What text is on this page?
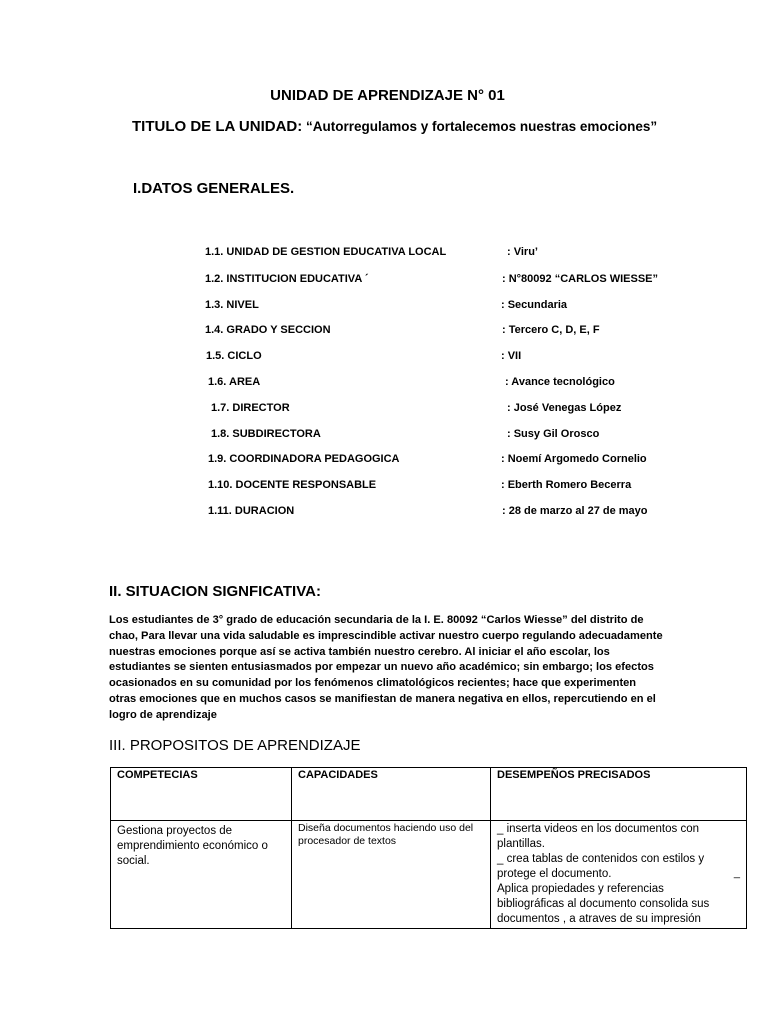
UNIDAD DE APRENDIZAJE N° 01
TITULO DE LA UNIDAD: “Autorregulamos y fortalecemos nuestras emociones”
I.DATOS GENERALES.
1.1. UNIDAD DE GESTION EDUCATIVA LOCAL	: Viru’
1.2. INSTITUCION EDUCATIVA ´	: N°80092 “CARLOS WIESSE”
1.3. NIVEL	: Secundaria
1.4. GRADO Y SECCION	: Tercero C, D, E, F
1.5. CICLO	: VII
1.6. AREA	: Avance tecnológico
1.7. DIRECTOR	: José Venegas López
1.8. SUBDIRECTORA	: Susy Gil Orosco
1.9. COORDINADORA PEDAGOGICA	: Noemí Argomedo Cornelio
1.10. DOCENTE RESPONSABLE	: Eberth Romero Becerra
1.11. DURACION	: 28 de marzo al 27 de mayo
II. SITUACION SIGNFICATIVA:
Los estudiantes de 3° grado de educación secundaria de la I. E. 80092 “Carlos Wiesse” del distrito de chao, Para llevar una vida saludable es imprescindible activar nuestro cuerpo regulando adecuadamente nuestras emociones porque así se activa también nuestro cerebro. Al iniciar el año escolar, los estudiantes se sienten entusiasmados por empezar un nuevo año académico; sin embargo; los efectos ocasionados en su comunidad por los fenómenos climatológicos recientes; hace que experimenten otras emociones que en muchos casos se manifiestan de manera negativa en ellos, repercutiendo en el logro de aprendizaje
III. PROPOSITOS DE APRENDIZAJE
COMPETECIAS	CAPACIDADES	DESEMPEÑOS PRECISADOS

Gestiona proyectos de emprendimiento económico o social.	Diseña documentos haciendo uso del procesador de textos	_ inserta videos en los documentos con plantillas.
_ crea tablas de contenidos con estilos y protege el documento.
Aplica propiedades y referencias bibliográficas al documento consolida sus documentos , a atraves de su impresión
_
